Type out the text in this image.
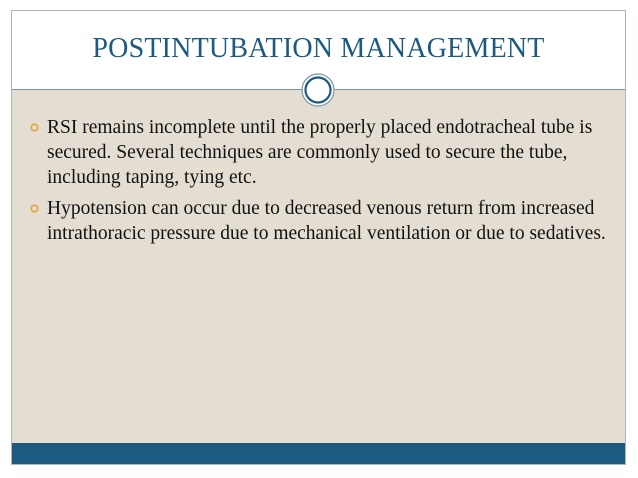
POSTINTUBATION MANAGEMENT
RSI remains incomplete until the properly placed endotracheal tube is secured. Several techniques are commonly used to secure the tube, including taping, tying etc.
Hypotension can occur due to decreased venous return from increased intrathoracic pressure due to mechanical ventilation or due to sedatives.
